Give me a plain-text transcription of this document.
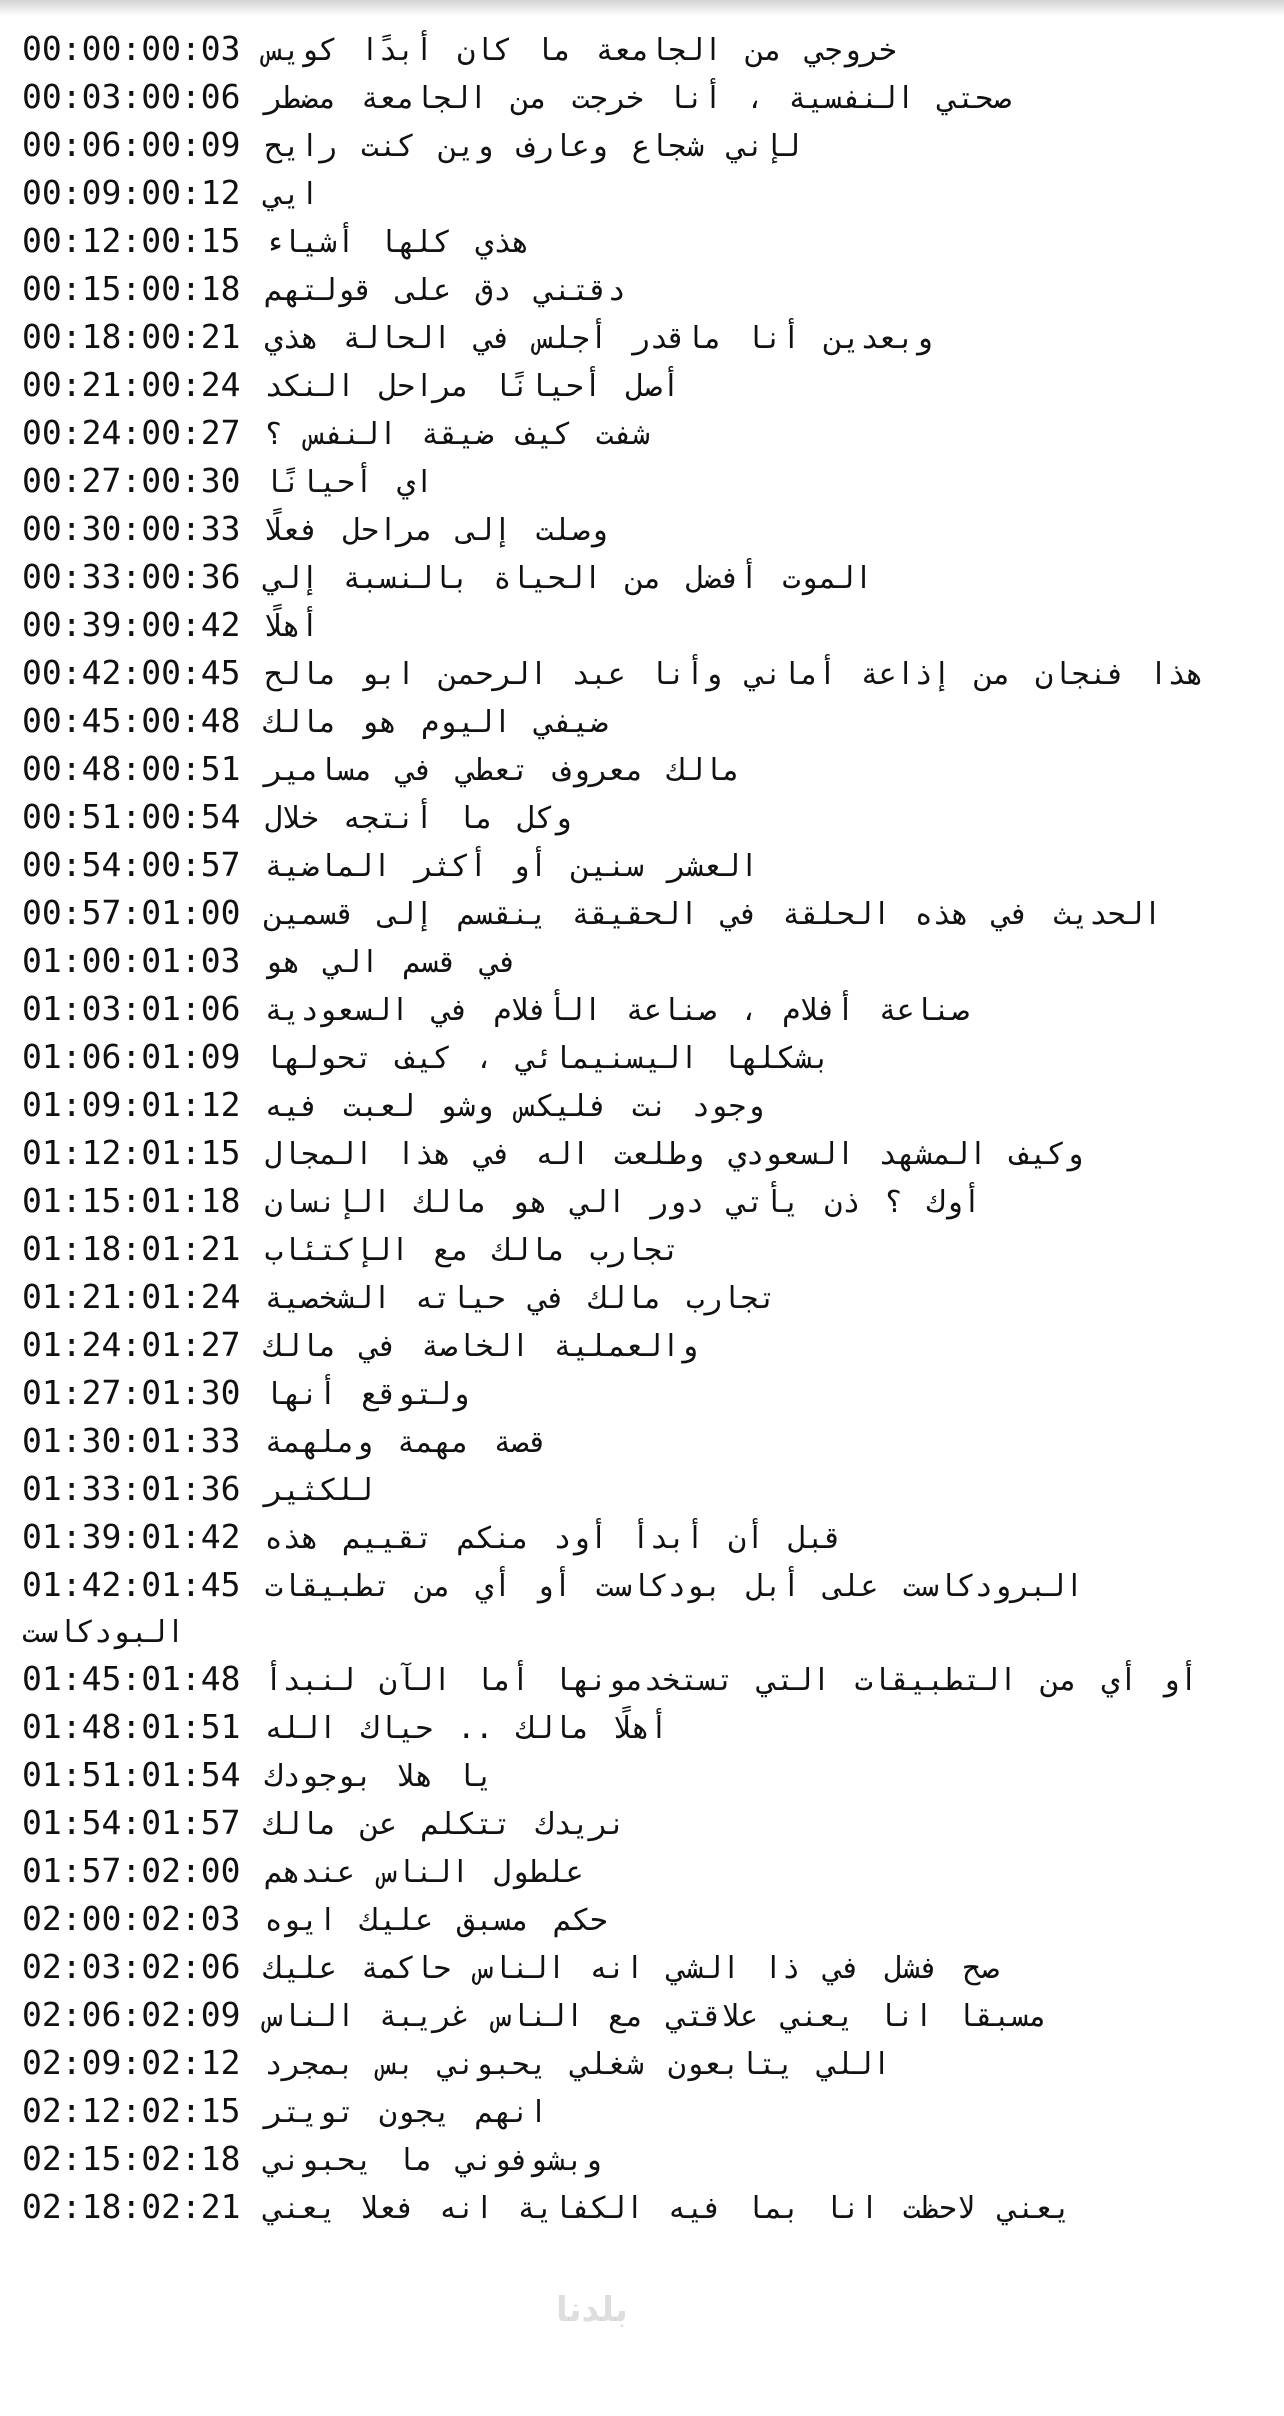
00:00:00:03 خروجي من الجامعة ما كان أبدًا كويس
00:03:00:06 صحتي النفسية ، أنا خرجت من الجامعة مضطر
00:06:00:09 لإني شجاع وعارف وين كنت رايح
00:09:00:12 ايي
00:12:00:15 هذي كلها أشياء
00:15:00:18 دقتني دق على قولتهم
00:18:00:21 وبعدين أنا ماقدر أجلس في الحالة هذي
00:21:00:24 أصل أحيانًا مراحل النكد
00:24:00:27 شفت كيف ضيقة النفس ؟
00:27:00:30 اي أحيانًا
00:30:00:33 وصلت إلى مراحل فعلًا
00:33:00:36 الموت أفضل من الحياة بالنسبة إلي
00:39:00:42 أهلًا
00:42:00:45 هذا فنجان من إذاعة أماني وأنا عبد الرحمن ابو مالح
00:45:00:48 ضيفي اليوم هو مالك
00:48:00:51 مالك معروف تعطي في مسامير
00:51:00:54 وكل ما أنتجه خلال
00:54:00:57 العشر سنين أو أكثر الماضية
00:57:01:00 الحديث في هذه الحلقة في الحقيقة ينقسم إلى قسمين
01:00:01:03 في قسم الي هو
01:03:01:06 صناعة أفلام ، صناعة الأفلام في السعودية
01:06:01:09 بشكلها اليسنيمائي ، كيف تحولها
01:09:01:12 وجود نت فليكس وشو لعبت فيه
01:12:01:15 وكيف المشهد السعودي وطلعت اله في هذا المجال
01:15:01:18 أوك ؟ ذن يأتي دور الي هو مالك الإنسان
01:18:01:21 تجارب مالك مع الإكتئاب
01:21:01:24 تجارب مالك في حياته الشخصية
01:24:01:27 والعملية الخاصة في مالك
01:27:01:30 ولتوقع أنها
01:30:01:33 قصة مهمة وملهمة
01:33:01:36 للكثير
01:39:01:42 قبل أن أبدأ أود منكم تقييم هذه
01:42:01:45 البرودكاست على أبل بودكاست أو أي من تطبيقات البودكاست
01:45:01:48 أو أي من التطبيقات التي تستخدمونها أما الآن لنبدأ
01:48:01:51 أهلًا مالك .. حياك الله
01:51:01:54 يا هلا بوجودك
01:54:01:57 نريدك تتكلم عن مالك
01:57:02:00 علطول الناس عندهم
02:00:02:03 حكم مسبق عليك ايوه
02:03:02:06 صح فشل في ذا الشي انه الناس حاكمة عليك
02:06:02:09 مسبقا انا يعني علاقتي مع الناس غريبة الناس
02:09:02:12 اللي يتابعون شغلي يحبوني بس بمجرد
02:12:02:15 انهم يجون تويتر
02:15:02:18 وبشوفوني ما يحبوني
02:18:02:21 يعني لاحظت انا بما فيه الكفاية انه فعلا يعني
بلدنا
